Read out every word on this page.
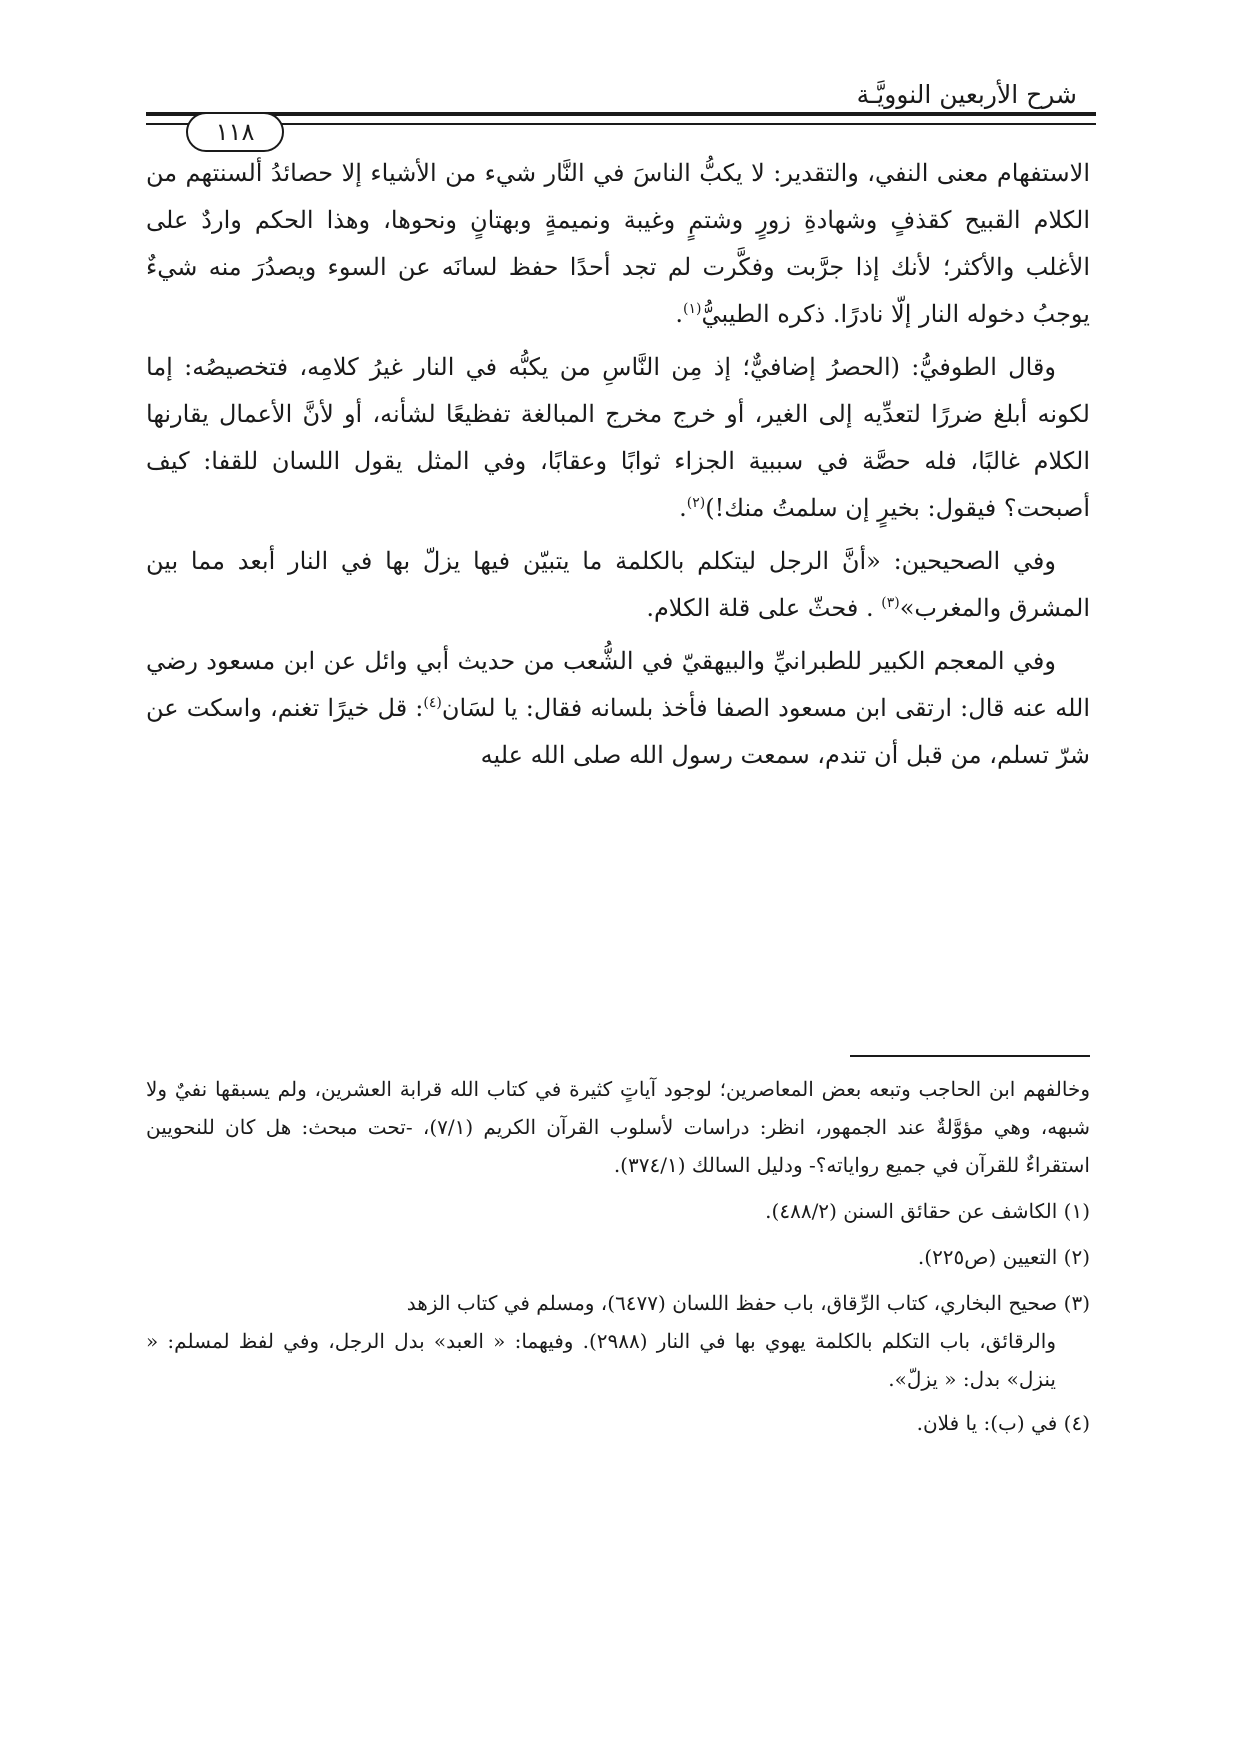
شرح الأربعين النوويَّـة
١١٨

الاستفهام معنى النفي، والتقدير: لا يكبُّ الناسَ في النَّار شيء من الأشياء إلا حصائدُ ألسنتهم من الكلام القبيح كقذفٍ وشهادةِ زورٍ وشتمٍ وغيبة ونميمةٍ وبهتانٍ ونحوها، وهذا الحكم واردٌ على الأغلب والأكثر؛ لأنك إذا جرَّبت وفكَّرت لم تجد أحدًا حفظ لسانَه عن السوء ويصدُرَ منه شيءٌ يوجبُ دخوله النار إلّا نادرًا. ذكره الطيبيُّ$^{(١)}$.

وقال الطوفيُّ: (الحصرُ إضافيٌّ؛ إذ مِن النَّاسِ من يكبُّه في النار غيرُ كلامِه، فتخصيصُه: إما لكونه أبلغ ضررًا لتعدِّيه إلى الغير، أو خرج مخرج المبالغة تفظيعًا لشأنه، أو لأنَّ الأعمال يقارنها الكلام غالبًا، فله حصَّة في سببية الجزاء ثوابًا وعقابًا، وفي المثل يقول اللسان للقفا: كيف أصبحت؟ فيقول: بخيرٍ إن سلمتُ منك!)$^{(٢)}$.

وفي الصحيحين: «أنَّ الرجل ليتكلم بالكلمة ما يتبيّن فيها يزلّ بها في النار أبعد مما بين المشرق والمغرب»$^{(٣)}$ . فحثّ على قلة الكلام.

وفي المعجم الكبير للطبرانيِّ والبيهقيّ في الشُّعب من حديث أبي وائل عن ابن مسعود رضي الله عنه قال: ارتقى ابن مسعود الصفا فأخذ بلسانه فقال: يا لسَان$^{(٤)}$: قل خيرًا تغنم، واسكت عن شرّ تسلم، من قبل أن تندم، سمعت رسول الله صلى الله عليه

وخالفهم ابن الحاجب وتبعه بعض المعاصرين؛ لوجود آياتٍ كثيرة في كتاب الله قرابة العشرين، ولم يسبقها نفيٌ ولا شبهه، وهي مؤوَّلةٌ عند الجمهور، انظر: دراسات لأسلوب القرآن الكريم (٧/١)، -تحت مبحث: هل كان للنحويين استقراءٌ للقرآن في جميع رواياته؟- ودليل السالك (٣٧٤/١).

(١) الكاشف عن حقائق السنن (٤٨٨/٢).

(٢) التعيين (ص٢٢٥).

(٣) صحيح البخاري، كتاب الرِّقاق، باب حفظ اللسان (٦٤٧٧)، ومسلم في كتاب الزهد
والرقائق، باب التكلم بالكلمة يهوي بها في النار (٢٩٨٨). وفيهما: « العبد» بدل الرجل، وفي لفظ لمسلم: « ينزل» بدل: « يزلّ».

(٤) في (ب): يا فلان.
